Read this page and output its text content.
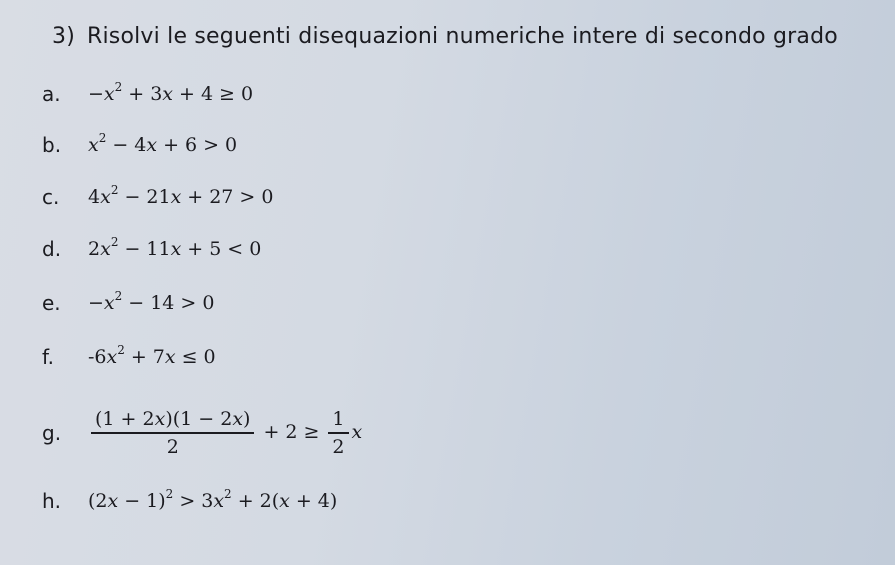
3) Risolvi le seguenti disequazioni numeriche intere di secondo grado
a.	$-x^2 + 3x + 4 \ge 0$
b.	$x^2 - 4x + 6 > 0$
c.	$4x^2 - 21x + 27 > 0$
d.	$2x^2 - 11x + 5 < 0$
e.	$-x^2 - 14 > 0$
f.	$-6x^2 + 7x \le 0$
g.	$\frac{(1 + 2x)(1 - 2x)}{2} + 2 \ge \frac{1}{2}$ x
h.	$(2x - 1)^2 > 3x^2 + 2(x + 4)$
